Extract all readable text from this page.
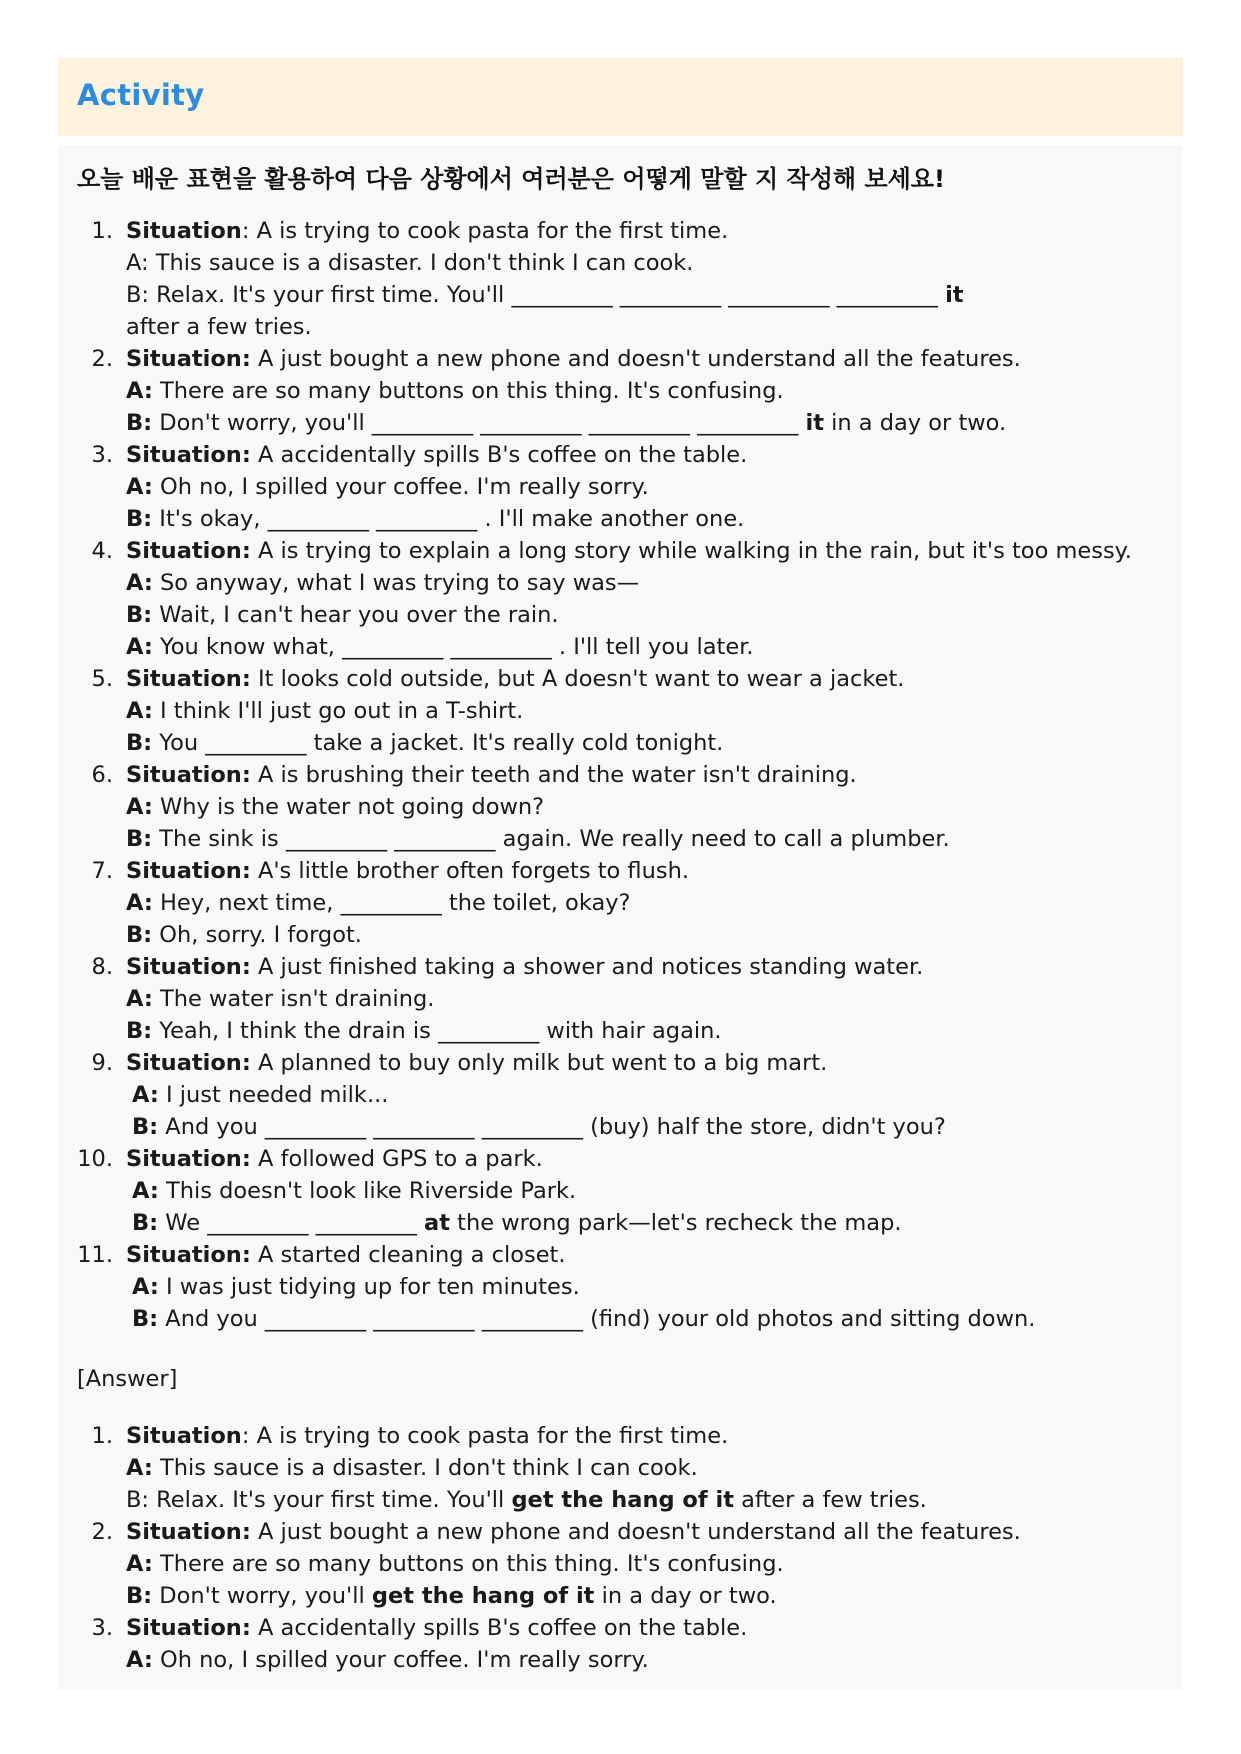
Activity
오늘 배운 표현을 활용하여 다음 상황에서 여러분은 어떻게 말할 지 작성해 보세요!
1. Situation: A is trying to cook pasta for the first time.
A: This sauce is a disaster. I don't think I can cook.
B: Relax. It's your first time. You'll _________ _________ _________ _________ it
after a few tries.
2. Situation: A just bought a new phone and doesn't understand all the features.
A: There are so many buttons on this thing. It's confusing.
B: Don't worry, you'll _________ _________ _________ _________ it in a day or two.
3. Situation: A accidentally spills B's coffee on the table.
A: Oh no, I spilled your coffee. I'm really sorry.
B: It's okay, _________ _________ . I'll make another one.
4. Situation: A is trying to explain a long story while walking in the rain, but it's too messy.
A: So anyway, what I was trying to say was—
B: Wait, I can't hear you over the rain.
A: You know what, _________ _________ . I'll tell you later.
5. Situation: It looks cold outside, but A doesn't want to wear a jacket.
A: I think I'll just go out in a T-shirt.
B: You _________ take a jacket. It's really cold tonight.
6. Situation: A is brushing their teeth and the water isn't draining.
A: Why is the water not going down?
B: The sink is _________ _________ again. We really need to call a plumber.
7. Situation: A's little brother often forgets to flush.
A: Hey, next time, _________ the toilet, okay?
B: Oh, sorry. I forgot.
8. Situation: A just finished taking a shower and notices standing water.
A: The water isn't draining.
B: Yeah, I think the drain is _________ with hair again.
9. Situation: A planned to buy only milk but went to a big mart.
A: I just needed milk...
B: And you _________ _________ _________ (buy) half the store, didn't you?
10. Situation: A followed GPS to a park.
A: This doesn't look like Riverside Park.
B: We _________ _________ at the wrong park—let's recheck the map.
11. Situation: A started cleaning a closet.
A: I was just tidying up for ten minutes.
B: And you _________ _________ _________ (find) your old photos and sitting down.
[Answer]
1. Situation: A is trying to cook pasta for the first time.
A: This sauce is a disaster. I don't think I can cook.
B: Relax. It's your first time. You'll get the hang of it after a few tries.
2. Situation: A just bought a new phone and doesn't understand all the features.
A: There are so many buttons on this thing. It's confusing.
B: Don't worry, you'll get the hang of it in a day or two.
3. Situation: A accidentally spills B's coffee on the table.
A: Oh no, I spilled your coffee. I'm really sorry.
